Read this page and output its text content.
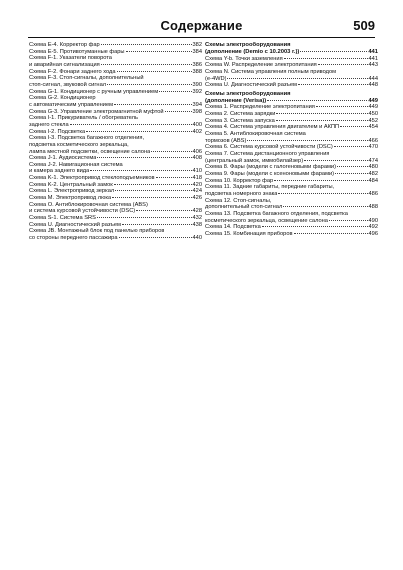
Содержание	509
Схема E-4. Корректор фар	382
Схема E-5. Противотуманные фары	384
Схема F-1. Указатели поворота
и аварийная сигнализация	386
Схема F-2. Фонари заднего хода	388
Схема F-3. Стоп-сигналы, дополнительный
стоп-сигнал, звуковой сигнал	390
Схема G-1. Кондиционер с ручным управлением	392
Схема G-2. Кондиционер
с автоматическим управлением	394
Схема G-3. Управление электромагнитной муфтой	398
Схема I-1. Прикуриватель / обогреватель
заднего стекла	400
Схема I-2. Подсветка	402
Схема I-3. Подсветка багажного отделения,
подсветка косметического зеркальца,
лампа местной подсветки, освещение салона	406
Схема J-1. Аудиосистема	408
Схема J-2. Навигационная система
и камера заднего вида	410
Схема K-1. Электропривод стеклоподъемников	418
Схема K-2. Центральный замок	420
Схема L. Электропривод зеркал	424
Схема M. Электропривод люка	426
Схема O. Антиблокировочная система (ABS)
и система курсовой устойчивости (DSC)	428
Схема S-1. Система SRS	432
Схема U. Диагностический разъем	438
Схема JB. Монтажный блок под панелью приборов
со стороны переднего пассажира	440
Схемы электрооборудования
(дополнение (Demio с 10.2003 г.))	441
Схема Y-b. Точки заземления	441
Схема W. Распределение электропитания	443
Схема N. Система управления полным приводом
(e-4WD)	444
Схема U. Диагностический разъем	448
Схемы электрооборудования
(дополнение (Verisa))	449
Схема 1. Распределение электропитания	449
Схема 2. Система зарядки	450
Схема 3. Система запуска	452
Схема 4. Система управления двигателем и АКПП	454
Схема 5. Антиблокировочная система
тормозов (ABS)	466
Схема 6. Система курсовой устойчивости (DSC)	470
Схема 7. Система дистанционного управления
(центральный замок, иммобилайзер)	474
Схема 8. Фары (модели с галогеновыми фарами)	480
Схема 9. Фары (модели с ксеноновыми фарами)	482
Схема 10. Корректор фар	484
Схема 11. Задние габариты, передние габариты,
подсветка номерного знака	486
Схема 12. Стоп-сигналы,
дополнительный стоп-сигнал	488
Схема 13. Подсветка багажного отделения, подсветка
косметического зеркальца, освещение салона	490
Схема 14. Подсветка	492
Схема 15. Комбинация приборов	496
